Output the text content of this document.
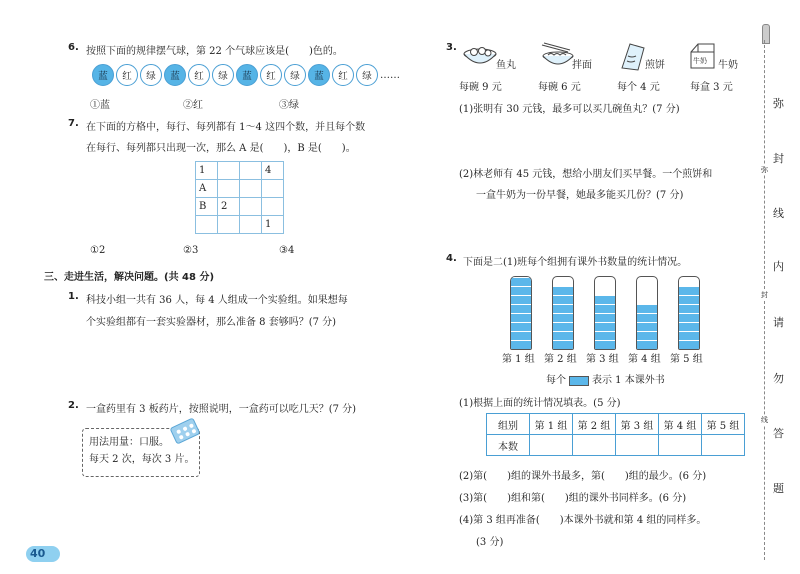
6. 按照下面的规律摆气球，第 22 个气球应该是(　　)色的。
蓝	红	绿	蓝	红	绿	蓝	红	绿	蓝	红	绿 ……
①蓝	②红	③绿
7. 在下面的方格中，每行、每列都有 1～4 这四个数，并且每个数
在每行、每列都只出现一次，那么 A 是(　　)，B 是(　　)。
1			4
A			
B	2		
			1
①2	②3	③4
三、走进生活，解决问题。(共 48 分)
1. 科技小组一共有 36 人，每 4 人组成一个实验组。如果想每
个实验组都有一套实验器材，那么准备 8 套够吗？(7 分)
2. 一盒药里有 3 板药片，按照说明，一盒药可以吃几天？(7 分)
用法用量：口服。
每天 2 次，每次 3 片。
40
3.
牛奶
鱼丸	拌面	煎饼	牛奶
每碗 9 元	每碗 6 元	每个 4 元	每盒 3 元
(1)张明有 30 元钱，最多可以买几碗鱼丸？(7 分)
(2)林老师有 45 元钱，想给小朋友们买早餐。一个煎饼和
一盒牛奶为一份早餐，她最多能买几份？(7 分)
4. 下面是二(1)班每个组拥有课外书数量的统计情况。
第 1 组 第 2 组 第 3 组 第 4 组 第 5 组
每个	表示 1 本课外书
(1)根据上面的统计情况填表。(5 分)
组别	第 1 组	第 2 组	第 3 组	第 4 组	第 5 组
本数					
(2)第(　　)组的课外书最多，第(　　)组的最少。(6 分)
(3)第(　　)组和第(　　)组的课外书同样多。(6 分)
(4)第 3 组再准备(　　)本课外书就和第 4 组的同样多。
(3 分)
弥
封
线
内
请
勿
答
题
弥
封
线
